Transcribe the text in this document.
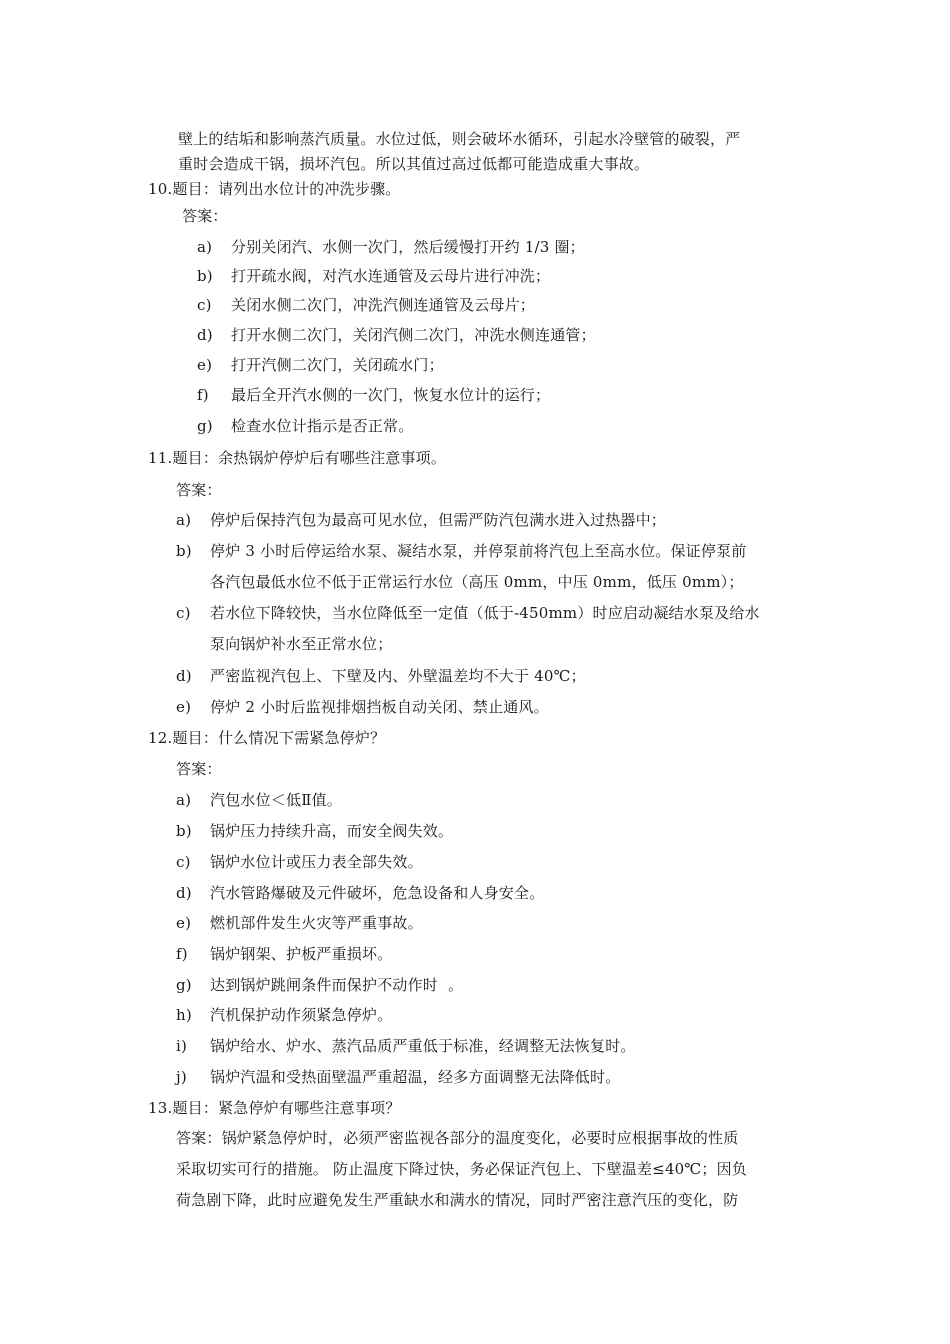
壁上的结垢和影响蒸汽质量。水位过低，则会破坏水循环，引起水冷壁管的破裂，严
重时会造成干锅，损坏汽包。所以其值过高过低都可能造成重大事故。
10.题目：请列出水位计的冲洗步骤。
答案：
a) 分别关闭汽、水侧一次门，然后缓慢打开约 1/3 圈；
b) 打开疏水阀，对汽水连通管及云母片进行冲洗；
c) 关闭水侧二次门，冲洗汽侧连通管及云母片；
d) 打开水侧二次门，关闭汽侧二次门，冲洗水侧连通管；
e) 打开汽侧二次门，关闭疏水门；
f) 最后全开汽水侧的一次门，恢复水位计的运行；
g) 检查水位计指示是否正常。
11.题目：余热锅炉停炉后有哪些注意事项。
答案：
a) 停炉后保持汽包为最高可见水位，但需严防汽包满水进入过热器中；
b) 停炉 3 小时后停运给水泵、凝结水泵，并停泵前将汽包上至高水位。保证停泵前
各汽包最低水位不低于正常运行水位（高压 0mm，中压 0mm，低压 0mm）；
c) 若水位下降较快，当水位降低至一定值（低于-450mm）时应启动凝结水泵及给水
泵向锅炉补水至正常水位；
d) 严密监视汽包上、下壁及内、外壁温差均不大于 40℃；
e) 停炉 2 小时后监视排烟挡板自动关闭、禁止通风。
12.题目：什么情况下需紧急停炉？
答案：
a) 汽包水位＜低Ⅱ值。
b) 锅炉压力持续升高，而安全阀失效。
c) 锅炉水位计或压力表全部失效。
d) 汽水管路爆破及元件破坏，危急设备和人身安全。
e) 燃机部件发生火灾等严重事故。
f) 锅炉钢架、护板严重损坏。
g) 达到锅炉跳闸条件而保护不动作时  。
h) 汽机保护动作须紧急停炉。
i) 锅炉给水、炉水、蒸汽品质严重低于标准，经调整无法恢复时。
j) 锅炉汽温和受热面壁温严重超温，经多方面调整无法降低时。
13.题目：紧急停炉有哪些注意事项？
答案：锅炉紧急停炉时，必须严密监视各部分的温度变化，必要时应根据事故的性质
采取切实可行的措施。 防止温度下降过快，务必保证汽包上、下壁温差≤40℃；因负
荷急剧下降，此时应避免发生严重缺水和满水的情况，同时严密注意汽压的变化，防
